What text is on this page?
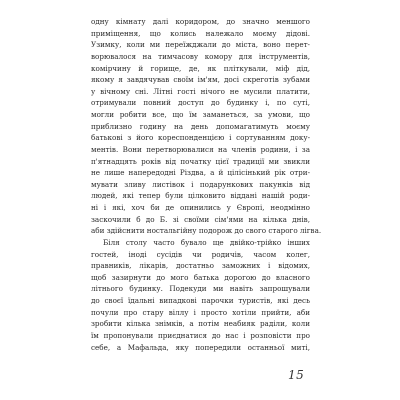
одну кімнату далі коридором, до значно меншого
приміщення, що колись належало моєму дідові.
Узимку, коли ми переїжджали до міста, воно перет-
ворювалося на тимчасову комору для інструментів,
комірчину й горище, де, як пліткували, міф дід,
якому я завдячував своїм ім'ям, досі скреготів зубами
у вічному сні. Літні гості нічого не мусили платити,
отримували повний доступ до будинку і, по суті,
могли робити все, що їм заманеться, за умови, що
приблизно годину на день допомагатимуть моєму
батькові з його кореспонденцією і сортуванням доку-
ментів. Вони перетворювалися на членів родини, і за
п'ятнадцять років від початку цієї традиції ми звикли
не лише напередодні Різдва, а й цілісінький рік отри-
мувати зливу листівок і подарункових пакунків від
людей, які тепер були цілковито віддані нашій роди-
ні і які, хоч би де опинились у Європі, неодмінно
заскочили б до Б. зі своїми сім'ями на кілька днів,
аби здійснити ностальгійну подорож до свого старого лігва.
Біля столу часто бувало ще двійко-трійко інших
гостей, іноді сусідів чи родичів, часом колег,
правників, лікарів, достатньо заможних і відомих,
щоб зазирнути до мого батька дорогою до власного
літнього будинку. Подекуди ми навіть запрошували
до своєї їдальні випадкові парочки туристів, які десь
почули про стару віллу і просто хотіли прийти, аби
зробити кілька знімків, а потім неабияк раділи, коли
їм пропонували приєднатися до нас і розповісти про
себе, а Мафальда, яку попередили останньої миті,
15
